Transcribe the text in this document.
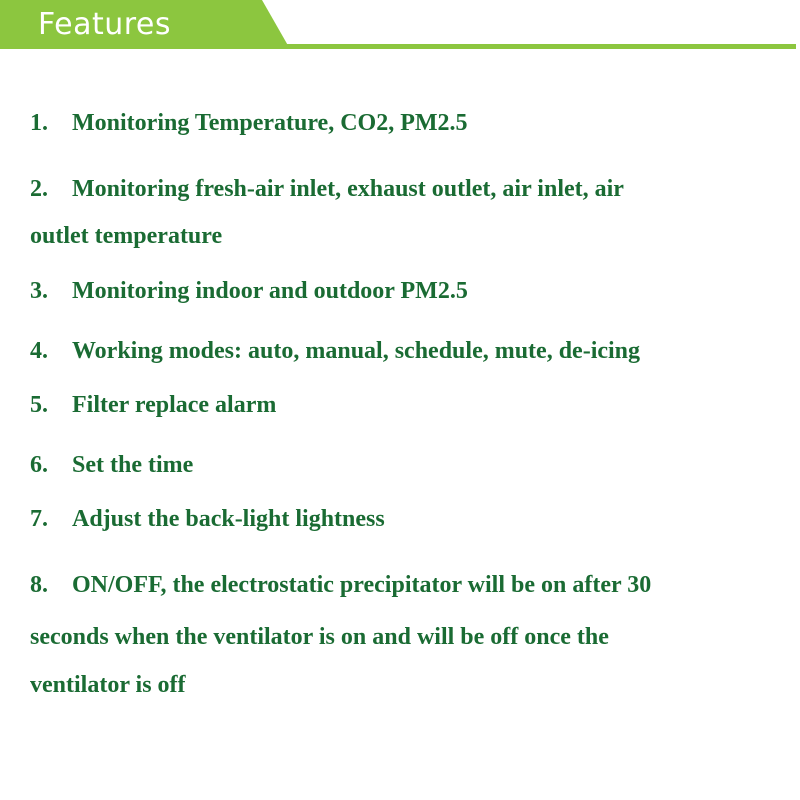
Features
1. Monitoring Temperature, CO2, PM2.5
2. Monitoring fresh-air inlet, exhaust outlet, air inlet, air
outlet temperature
3. Monitoring indoor and outdoor PM2.5
4. Working modes: auto, manual, schedule, mute, de-icing
5. Filter replace alarm
6. Set the time
7. Adjust the back-light lightness
8. ON/OFF, the electrostatic precipitator will be on after 30
seconds when the ventilator is on and will be off once the
ventilator is off
